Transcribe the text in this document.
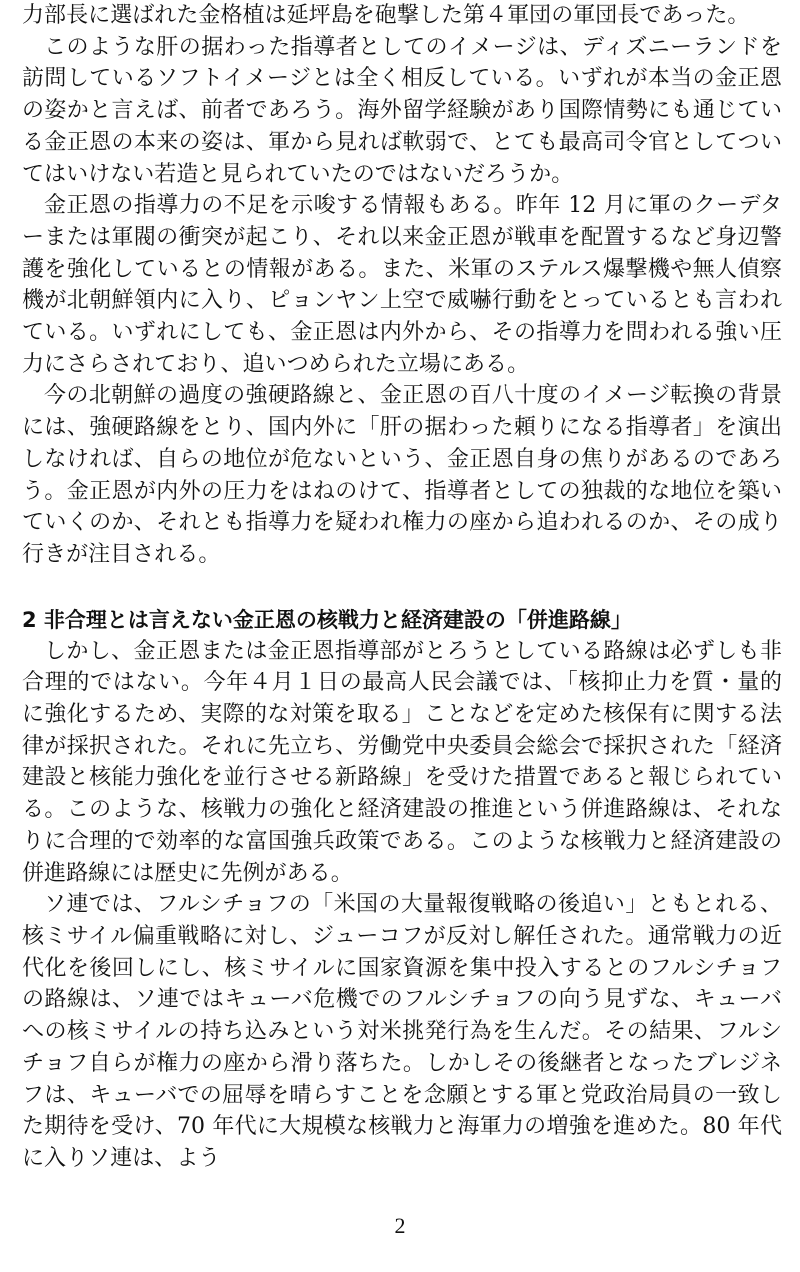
力部長に選ばれた金格植は延坪島を砲撃した第４軍団の軍団長であった。

このような肝の据わった指導者としてのイメージは、ディズニーランドを訪問しているソフトイメージとは全く相反している。いずれが本当の金正恩の姿かと言えば、前者であろう。海外留学経験があり国際情勢にも通じている金正恩の本来の姿は、軍から見れば軟弱で、とても最高司令官としてついてはいけない若造と見られていたのではないだろうか。

金正恩の指導力の不足を示唆する情報もある。昨年 12 月に軍のクーデターまたは軍閥の衝突が起こり、それ以来金正恩が戦車を配置するなど身辺警護を強化しているとの情報がある。また、米軍のステルス爆撃機や無人偵察機が北朝鮮領内に入り、ピョンヤン上空で威嚇行動をとっているとも言われている。いずれにしても、金正恩は内外から、その指導力を問われる強い圧力にさらされており、追いつめられた立場にある。

今の北朝鮮の過度の強硬路線と、金正恩の百八十度のイメージ転換の背景には、強硬路線をとり、国内外に「肝の据わった頼りになる指導者」を演出しなければ、自らの地位が危ないという、金正恩自身の焦りがあるのであろう。金正恩が内外の圧力をはねのけて、指導者としての独裁的な地位を築いていくのか、それとも指導力を疑われ権力の座から追われるのか、その成り行きが注目される。

2 非合理とは言えない金正恩の核戦力と経済建設の「併進路線」

しかし、金正恩または金正恩指導部がとろうとしている路線は必ずしも非合理的ではない。今年４月１日の最高人民会議では、「核抑止力を質・量的に強化するため、実際的な対策を取る」ことなどを定めた核保有に関する法律が採択された。それに先立ち、労働党中央委員会総会で採択された「経済建設と核能力強化を並行させる新路線」を受けた措置であると報じられている。このような、核戦力の強化と経済建設の推進という併進路線は、それなりに合理的で効率的な富国強兵政策である。このような核戦力と経済建設の併進路線には歴史に先例がある。

ソ連では、フルシチョフの「米国の大量報復戦略の後追い」ともとれる、核ミサイル偏重戦略に対し、ジューコフが反対し解任された。通常戦力の近代化を後回しにし、核ミサイルに国家資源を集中投入するとのフルシチョフの路線は、ソ連ではキューバ危機でのフルシチョフの向う見ずな、キューバへの核ミサイルの持ち込みという対米挑発行為を生んだ。その結果、フルシチョフ自らが権力の座から滑り落ちた。しかしその後継者となったブレジネフは、キューバでの屈辱を晴らすことを念願とする軍と党政治局員の一致した期待を受け、70 年代に大規模な核戦力と海軍力の増強を進めた。80 年代に入りソ連は、よう

2
